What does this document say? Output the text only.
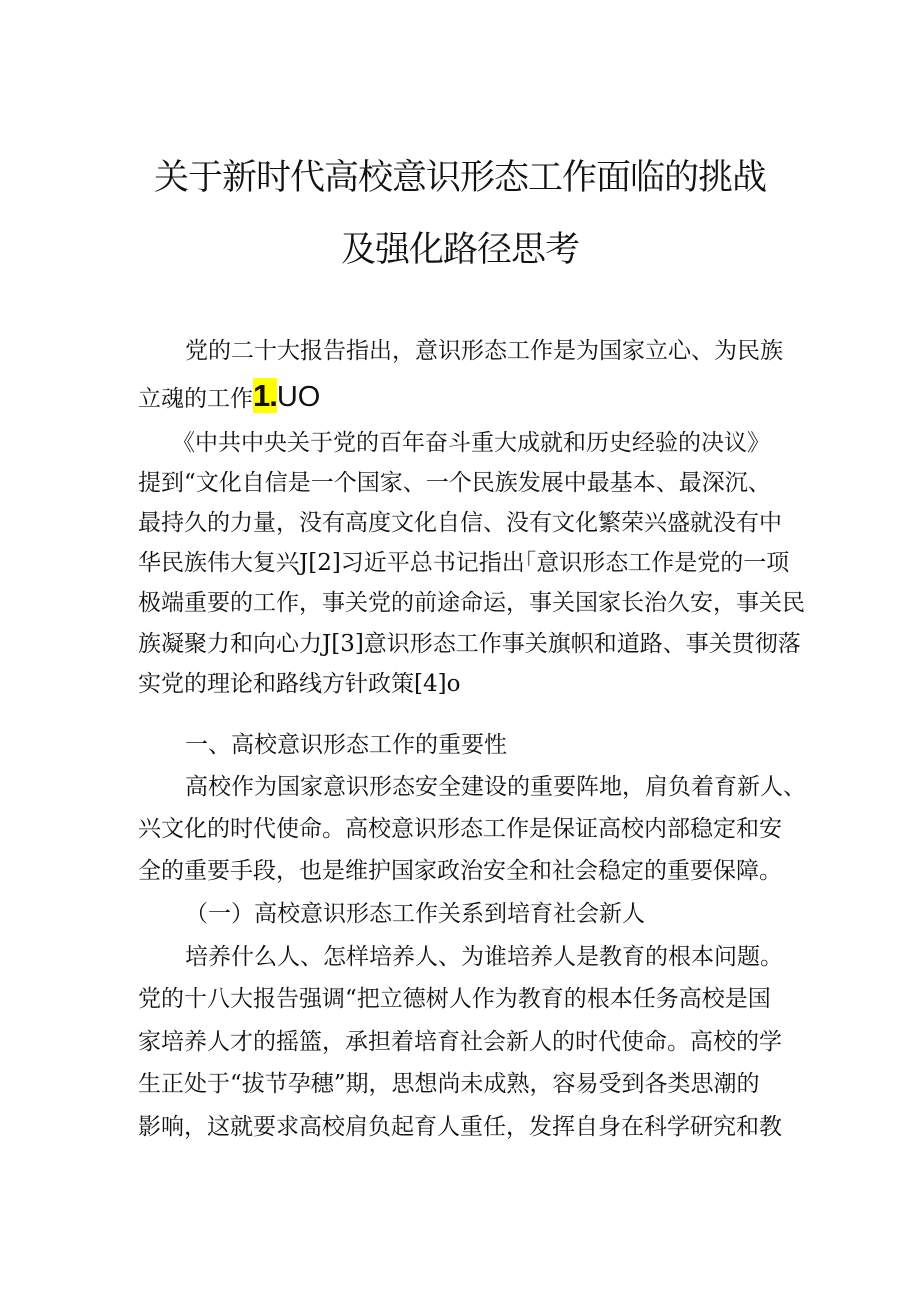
关于新时代高校意识形态工作面临的挑战
及强化路径思考
党的二十大报告指出，意识形态工作是为国家立心、为民族
立魂的工作1.UO
《中共中央关于党的百年奋斗重大成就和历史经验的决议》
提到“文化自信是一个国家、一个民族发展中最基本、最深沉、
最持久的力量，没有高度文化自信、没有文化繁荣兴盛就没有中
华民族伟大复兴J[2]习近平总书记指出｢意识形态工作是党的一项
极端重要的工作，事关党的前途命运，事关国家长治久安，事关民
族凝聚力和向心力J[3]意识形态工作事关旗帜和道路、事关贯彻落
实党的理论和路线方针政策[4]o
一、高校意识形态工作的重要性
高校作为国家意识形态安全建设的重要阵地，肩负着育新人、
兴文化的时代使命。高校意识形态工作是保证高校内部稳定和安
全的重要手段，也是维护国家政治安全和社会稳定的重要保障。
（一）高校意识形态工作关系到培育社会新人
培养什么人、怎样培养人、为谁培养人是教育的根本问题。
党的十八大报告强调“把立德树人作为教育的根本任务高校是国
家培养人才的摇篮，承担着培育社会新人的时代使命。高校的学
生正处于“拔节孕穗”期，思想尚未成熟，容易受到各类思潮的
影响，这就要求高校肩负起育人重任，发挥自身在科学研究和教
